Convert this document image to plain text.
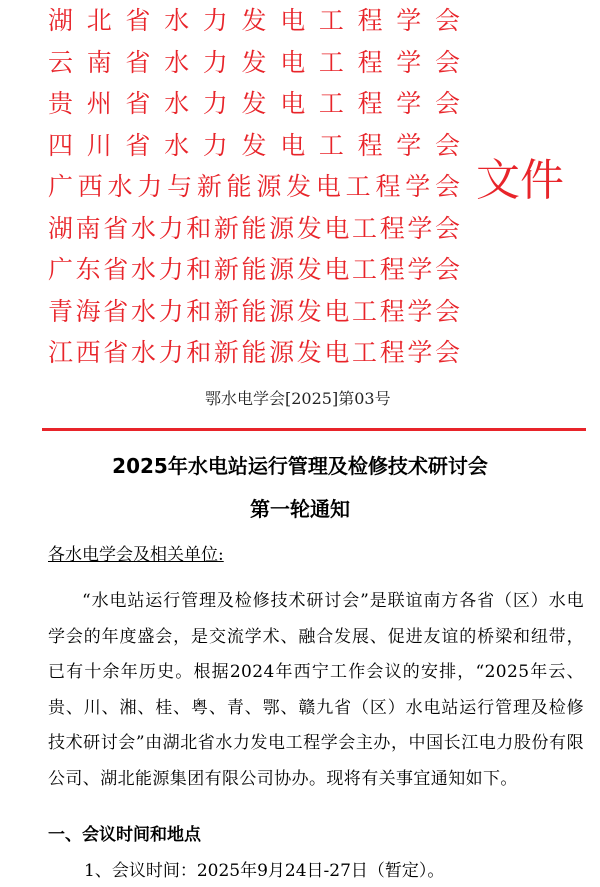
湖北省水力发电工程学会
云南省水力发电工程学会
贵州省水力发电工程学会
四川省水力发电工程学会
广西水力与新能源发电工程学会
湖南省水力和新能源发电工程学会
广东省水力和新能源发电工程学会
青海省水力和新能源发电工程学会
江西省水力和新能源发电工程学会
文件
鄂水电学会[2025]第03号
2025年水电站运行管理及检修技术研讨会
第一轮通知
各水电学会及相关单位:
“水电站运行管理及检修技术研讨会”是联谊南方各省（区）水电学会的年度盛会，是交流学术、融合发展、促进友谊的桥梁和纽带，已有十余年历史。根据2024年西宁工作会议的安排，“2025年云、贵、川、湘、桂、粤、青、鄂、赣九省（区）水电站运行管理及检修技术研讨会”由湖北省水力发电工程学会主办，中国长江电力股份有限公司、湖北能源集团有限公司协办。现将有关事宜通知如下。
一、会议时间和地点
1、会议时间：2025年9月24日-27日（暂定）。
